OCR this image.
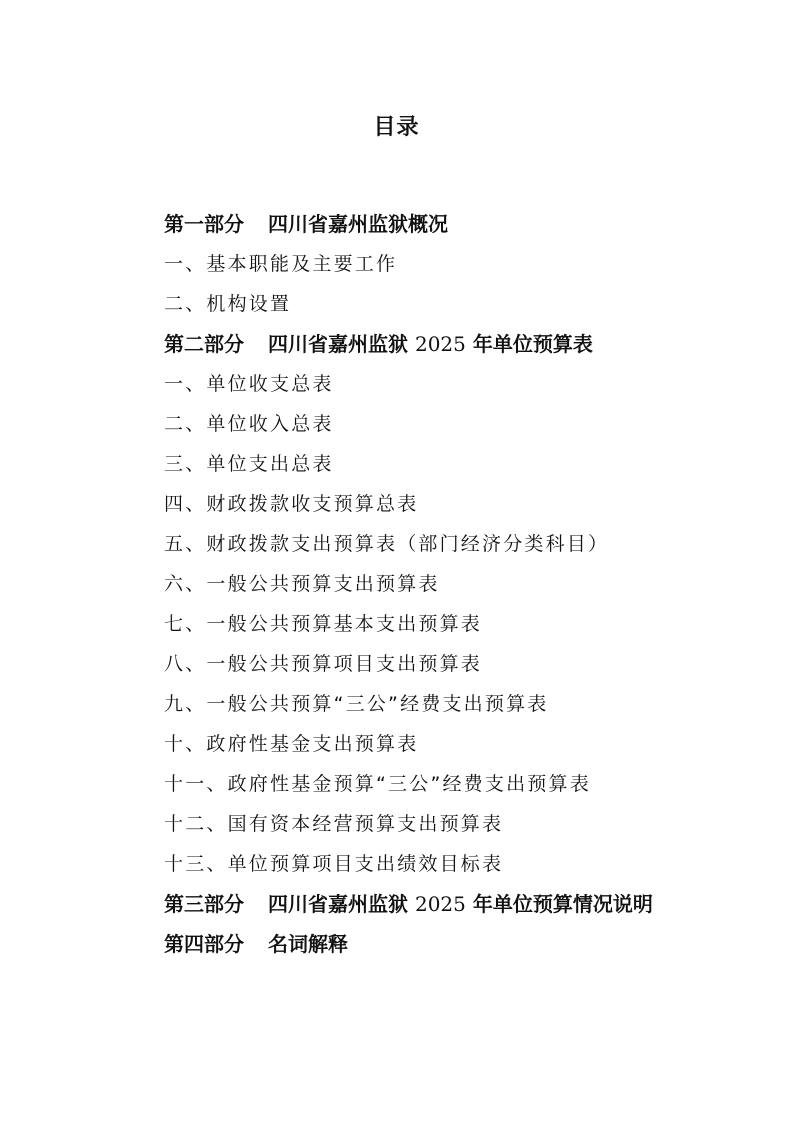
目录
第一部分 四川省嘉州监狱概况
一、基本职能及主要工作
二、机构设置
第二部分 四川省嘉州监狱 2025 年单位预算表
一、单位收支总表
二、单位收入总表
三、单位支出总表
四、财政拨款收支预算总表
五、财政拨款支出预算表（部门经济分类科目）
六、一般公共预算支出预算表
七、一般公共预算基本支出预算表
八、一般公共预算项目支出预算表
九、一般公共预算“三公”经费支出预算表
十、政府性基金支出预算表
十一、政府性基金预算“三公”经费支出预算表
十二、国有资本经营预算支出预算表
十三、单位预算项目支出绩效目标表
第三部分 四川省嘉州监狱 2025 年单位预算情况说明
第四部分 名词解释
